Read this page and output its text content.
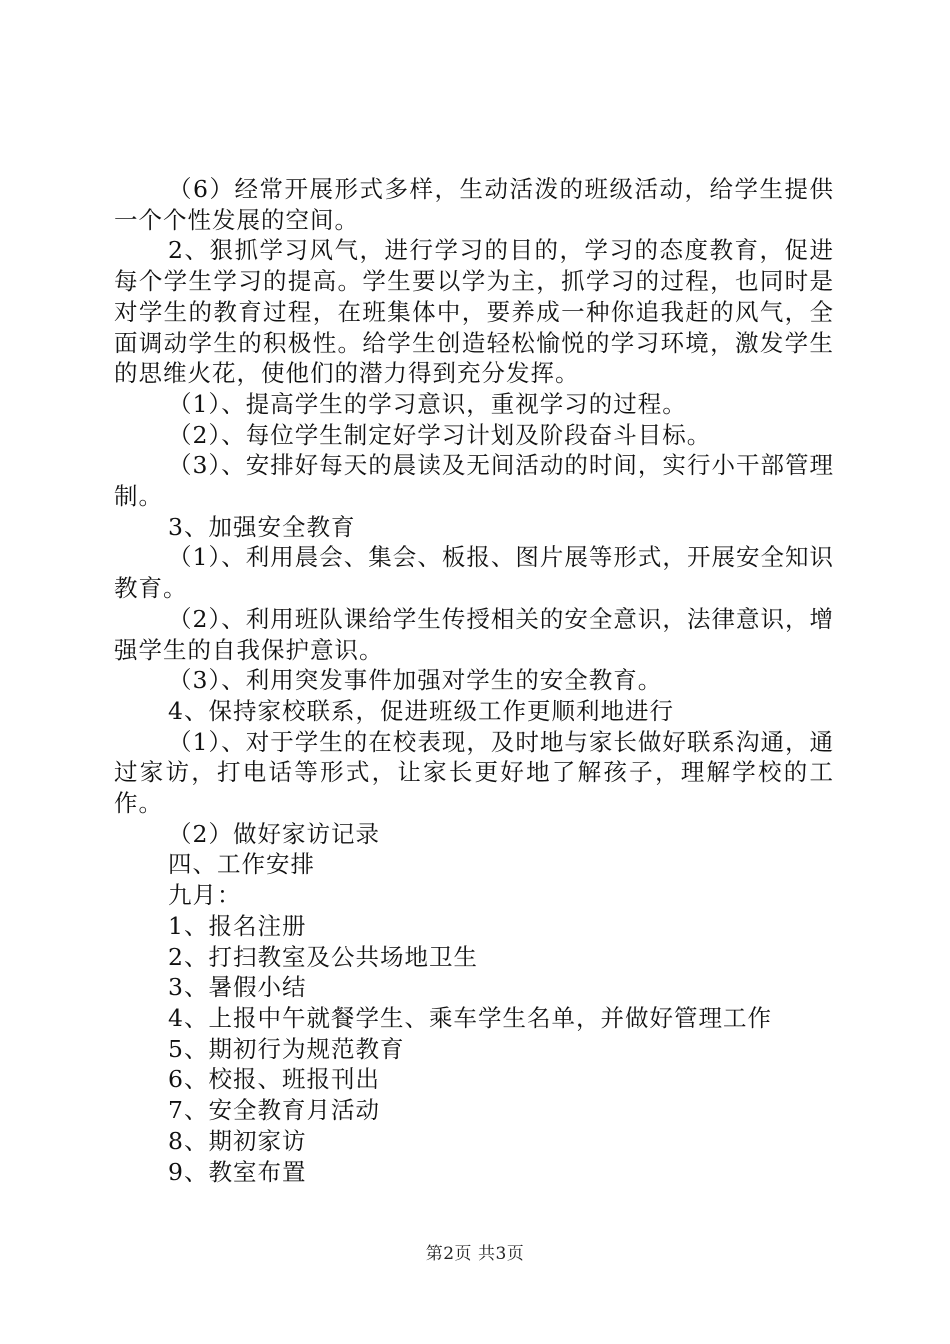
（6）经常开展形式多样，生动活泼的班级活动，给学生提供一个个性发展的空间。

2、狠抓学习风气，进行学习的目的，学习的态度教育，促进每个学生学习的提高。学生要以学为主，抓学习的过程，也同时是对学生的教育过程，在班集体中，要养成一种你追我赶的风气，全面调动学生的积极性。给学生创造轻松愉悦的学习环境，激发学生的思维火花，使他们的潜力得到充分发挥。

（1）、提高学生的学习意识，重视学习的过程。

（2）、每位学生制定好学习计划及阶段奋斗目标。

（3）、安排好每天的晨读及无间活动的时间，实行小干部管理制。

3、加强安全教育

（1）、利用晨会、集会、板报、图片展等形式，开展安全知识教育。

（2）、利用班队课给学生传授相关的安全意识，法律意识，增强学生的自我保护意识。

（3）、利用突发事件加强对学生的安全教育。

4、保持家校联系，促进班级工作更顺利地进行

（1）、对于学生的在校表现，及时地与家长做好联系沟通，通过家访，打电话等形式，让家长更好地了解孩子，理解学校的工作。

（2）做好家访记录

四、工作安排

九月：

1、报名注册

2、打扫教室及公共场地卫生

3、暑假小结

4、上报中午就餐学生、乘车学生名单，并做好管理工作

5、期初行为规范教育

6、校报、班报刊出

7、安全教育月活动

8、期初家访

9、教室布置

第2页 共3页
